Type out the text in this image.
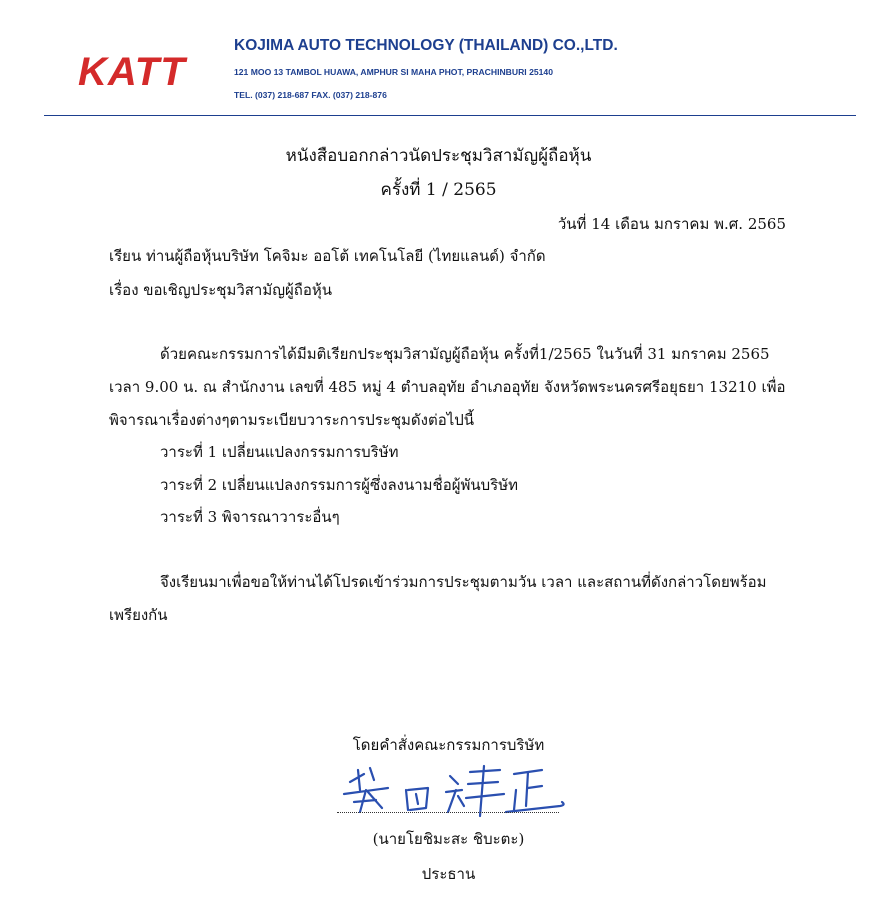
KATT
KOJIMA AUTO TECHNOLOGY (THAILAND) CO.,LTD.
121 MOO 13 TAMBOL HUAWA, AMPHUR SI MAHA PHOT, PRACHINBURI 25140
TEL. (037) 218-687 FAX. (037) 218-876
หนังสือบอกกล่าวนัดประชุมวิสามัญผู้ถือหุ้น
ครั้งที่ 1 / 2565
วันที่ 14 เดือน มกราคม พ.ศ. 2565
เรียน ท่านผู้ถือหุ้นบริษัท โคจิมะ ออโต้ เทคโนโลยี (ไทยแลนด์) จำกัด
เรื่อง ขอเชิญประชุมวิสามัญผู้ถือหุ้น
ด้วยคณะกรรมการได้มีมติเรียกประชุมวิสามัญผู้ถือหุ้น ครั้งที่1/2565 ในวันที่ 31 มกราคม 2565
เวลา 9.00 น. ณ สำนักงาน เลขที่ 485 หมู่ 4 ตำบลอุทัย อำเภออุทัย จังหวัดพระนครศรีอยุธยา 13210 เพื่อ
พิจารณาเรื่องต่างๆตามระเบียบวาระการประชุมดังต่อไปนี้
วาระที่ 1 เปลี่ยนแปลงกรรมการบริษัท
วาระที่ 2 เปลี่ยนแปลงกรรมการผู้ซึ่งลงนามชื่อผู้พันบริษัท
วาระที่ 3 พิจารณาวาระอื่นๆ
จึงเรียนมาเพื่อขอให้ท่านได้โปรดเข้าร่วมการประชุมตามวัน เวลา และสถานที่ดังกล่าวโดยพร้อม
เพรียงกัน
โดยคำสั่งคณะกรรมการบริษัท
(นายโยชิมะสะ ชิบะตะ)
ประธาน
